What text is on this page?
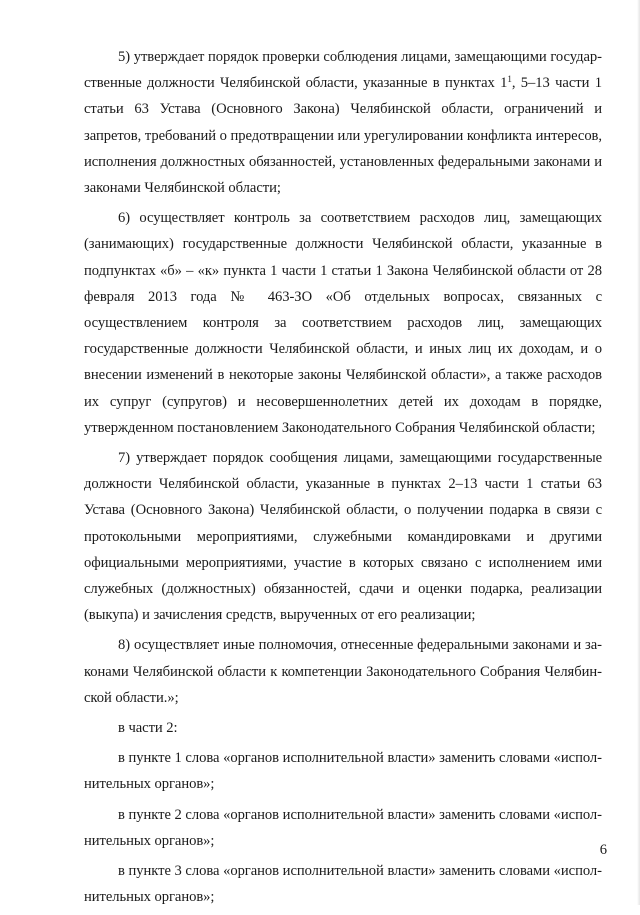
5) утверждает порядок проверки соблюдения лицами, замещающими государственные должности Челябинской области, указанные в пунктах $1^1$, 5–13 части 1 статьи 63 Устава (Основного Закона) Челябинской области, ограничений и запретов, требований о предотвращении или урегулировании конфликта интересов, исполнения должностных обязанностей, установленных федеральными законами и законами Челябинской области;

6) осуществляет контроль за соответствием расходов лиц, замещающих (занимающих) государственные должности Челябинской области, указанные в подпунктах «б» – «к» пункта 1 части 1 статьи 1 Закона Челябинской области от 28 февраля 2013 года № 463-ЗО «Об отдельных вопросах, связанных с осуществлением контроля за соответствием расходов лиц, замещающих государственные должности Челябинской области, и иных лиц их доходам, и о внесении изменений в некоторые законы Челябинской области», а также расходов их супруг (супругов) и несовершеннолетних детей их доходам в порядке, утвержденном постановлением Законодательного Собрания Челябинской области;

7) утверждает порядок сообщения лицами, замещающими государственные должности Челябинской области, указанные в пунктах 2–13 части 1 статьи 63 Устава (Основного Закона) Челябинской области, о получении подарка в связи с протокольными мероприятиями, служебными командировками и другими официальными мероприятиями, участие в которых связано с исполнением ими служебных (должностных) обязанностей, сдачи и оценки подарка, реализации (выкупа) и зачисления средств, вырученных от его реализации;

8) осуществляет иные полномочия, отнесенные федеральными законами и законами Челябинской области к компетенции Законодательного Собрания Челябинской области.»;

в части 2:

в пункте 1 слова «органов исполнительной власти» заменить словами «исполнительных органов»;

в пункте 2 слова «органов исполнительной власти» заменить словами «исполнительных органов»;

в пункте 3 слова «органов исполнительной власти» заменить словами «исполнительных органов»;

6
